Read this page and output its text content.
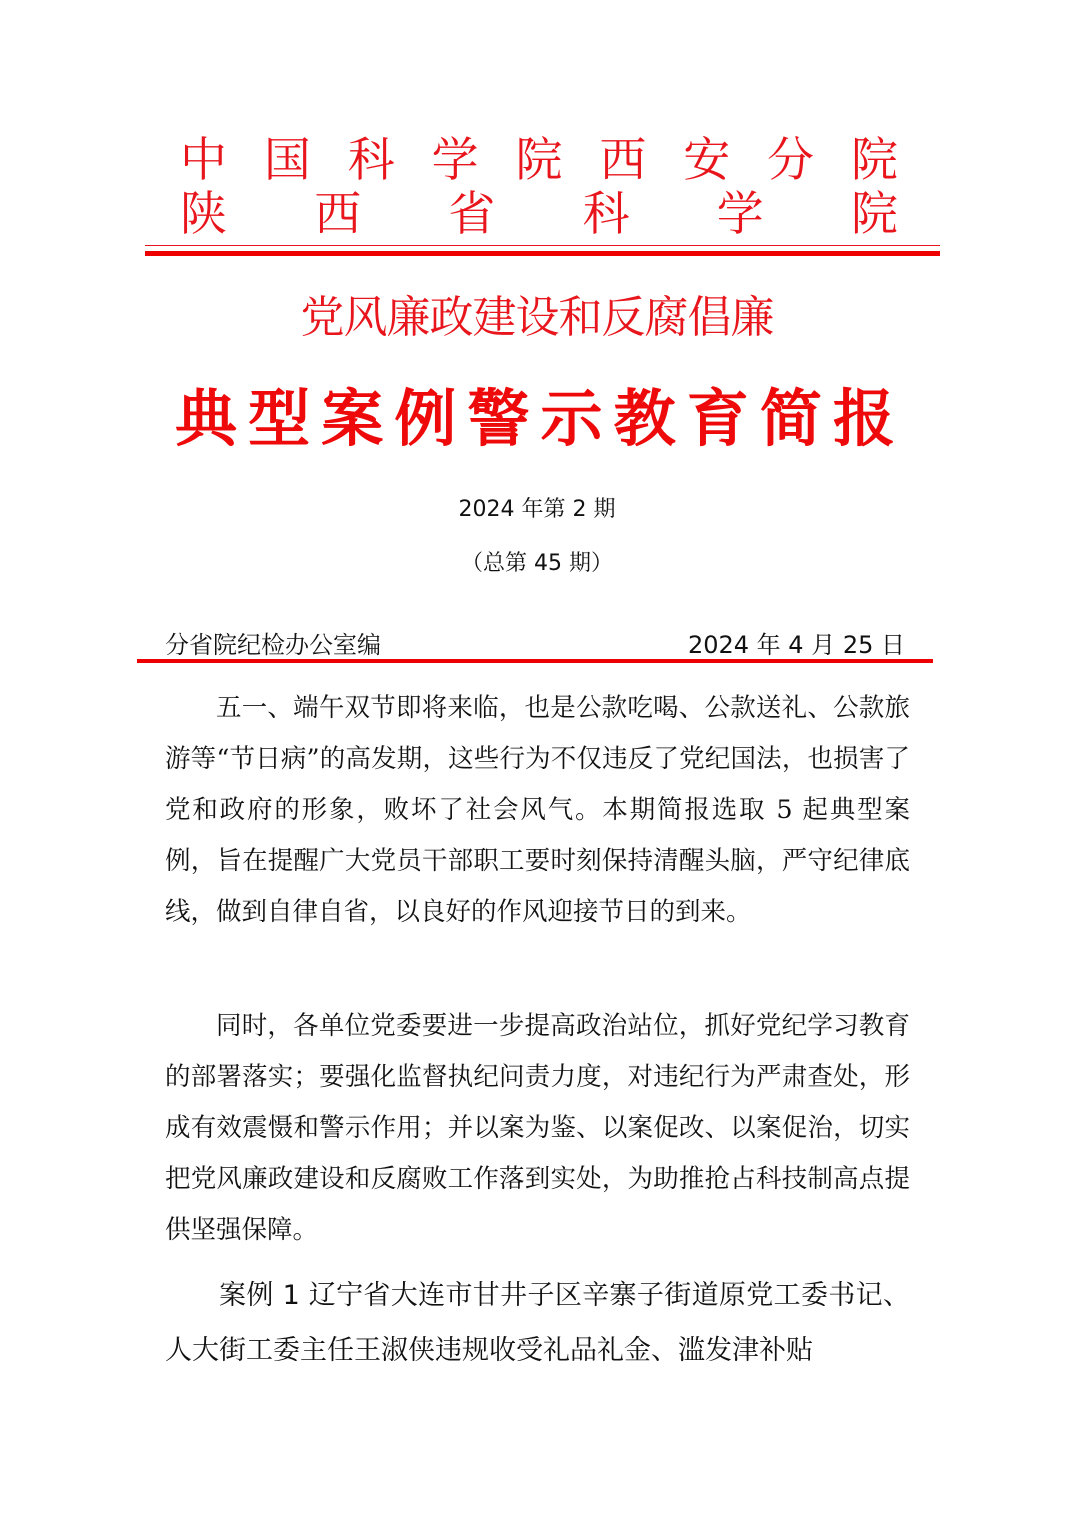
中 国 科 学 院 西 安 分 院
陕 西 省 科 学 院
党风廉政建设和反腐倡廉
典 型 案 例 警 示 教 育 简 报
2024 年第 2 期
（总第 45 期）
分省院纪检办公室编	2024 年 4 月 25 日

五一、端午双节即将来临，也是公款吃喝、公款送礼、公款旅游等“节日病”的高发期，这些行为不仅违反了党纪国法，也损害了党和政府的形象，败坏了社会风气。本期简报选取 5 起典型案例，旨在提醒广大党员干部职工要时刻保持清醒头脑，严守纪律底线，做到自律自省，以良好的作风迎接节日的到来。

同时，各单位党委要进一步提高政治站位，抓好党纪学习教育的部署落实；要强化监督执纪问责力度，对违纪行为严肃查处，形成有效震慑和警示作用；并以案为鉴、以案促改、以案促治，切实把党风廉政建设和反腐败工作落到实处，为助推抢占科技制高点提供坚强保障。

案例 1 辽宁省大连市甘井子区辛寨子街道原党工委书记、人大街工委主任王淑侠违规收受礼品礼金、滥发津补贴
